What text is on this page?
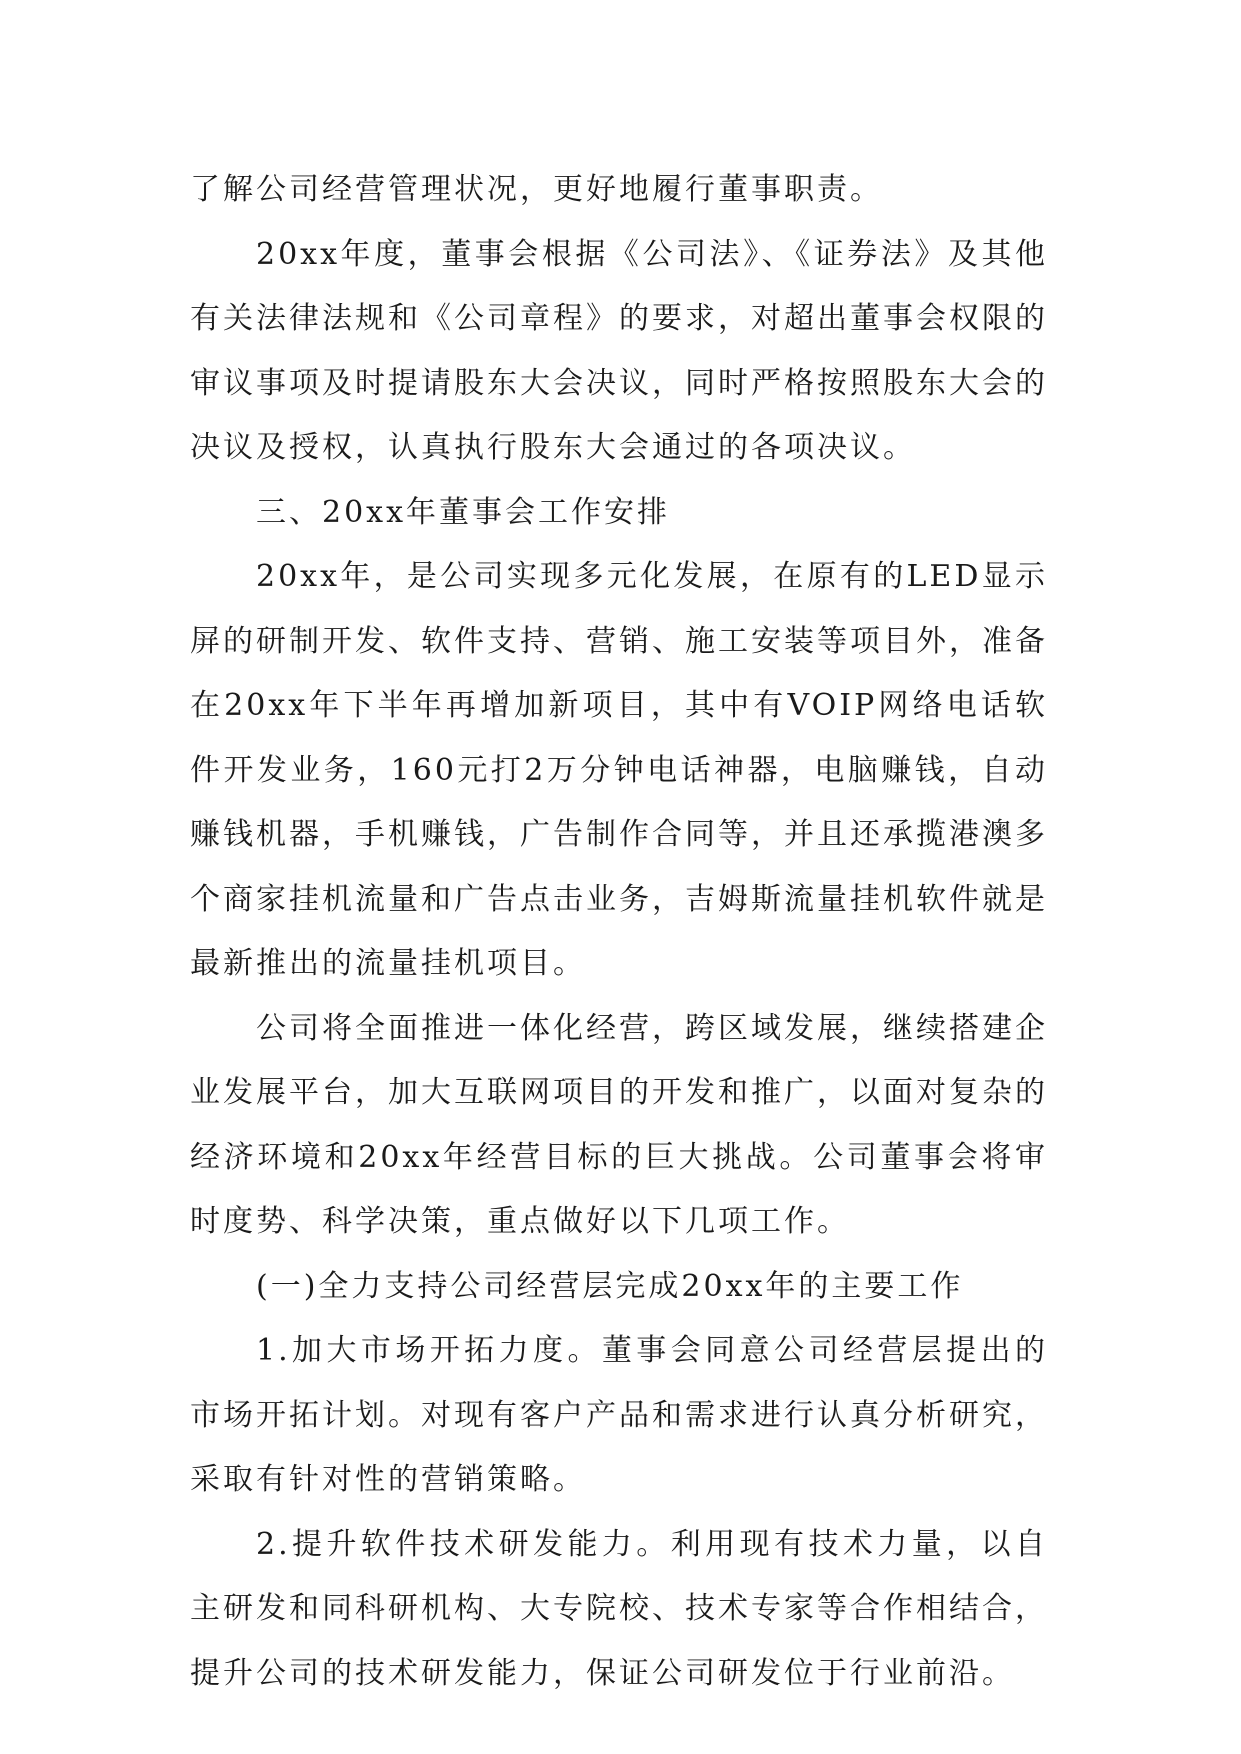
了解公司经营管理状况，更好地履行董事职责。

20xx年度，董事会根据《公司法》、《证券法》及其他有关法律法规和《公司章程》的要求，对超出董事会权限的审议事项及时提请股东大会决议，同时严格按照股东大会的决议及授权，认真执行股东大会通过的各项决议。

三、20xx年董事会工作安排

20xx年，是公司实现多元化发展，在原有的LED显示屏的研制开发、软件支持、营销、施工安装等项目外，准备在20xx年下半年再增加新项目，其中有VOIP网络电话软件开发业务，160元打2万分钟电话神器，电脑赚钱，自动赚钱机器，手机赚钱，广告制作合同等，并且还承揽港澳多个商家挂机流量和广告点击业务，吉姆斯流量挂机软件就是最新推出的流量挂机项目。

公司将全面推进一体化经营，跨区域发展，继续搭建企业发展平台，加大互联网项目的开发和推广，以面对复杂的经济环境和20xx年经营目标的巨大挑战。公司董事会将审时度势、科学决策，重点做好以下几项工作。

(一)全力支持公司经营层完成20xx年的主要工作

1.加大市场开拓力度。董事会同意公司经营层提出的市场开拓计划。对现有客户产品和需求进行认真分析研究，采取有针对性的营销策略。

2.提升软件技术研发能力。利用现有技术力量，以自主研发和同科研机构、大专院校、技术专家等合作相结合，提升公司的技术研发能力，保证公司研发位于行业前沿。
